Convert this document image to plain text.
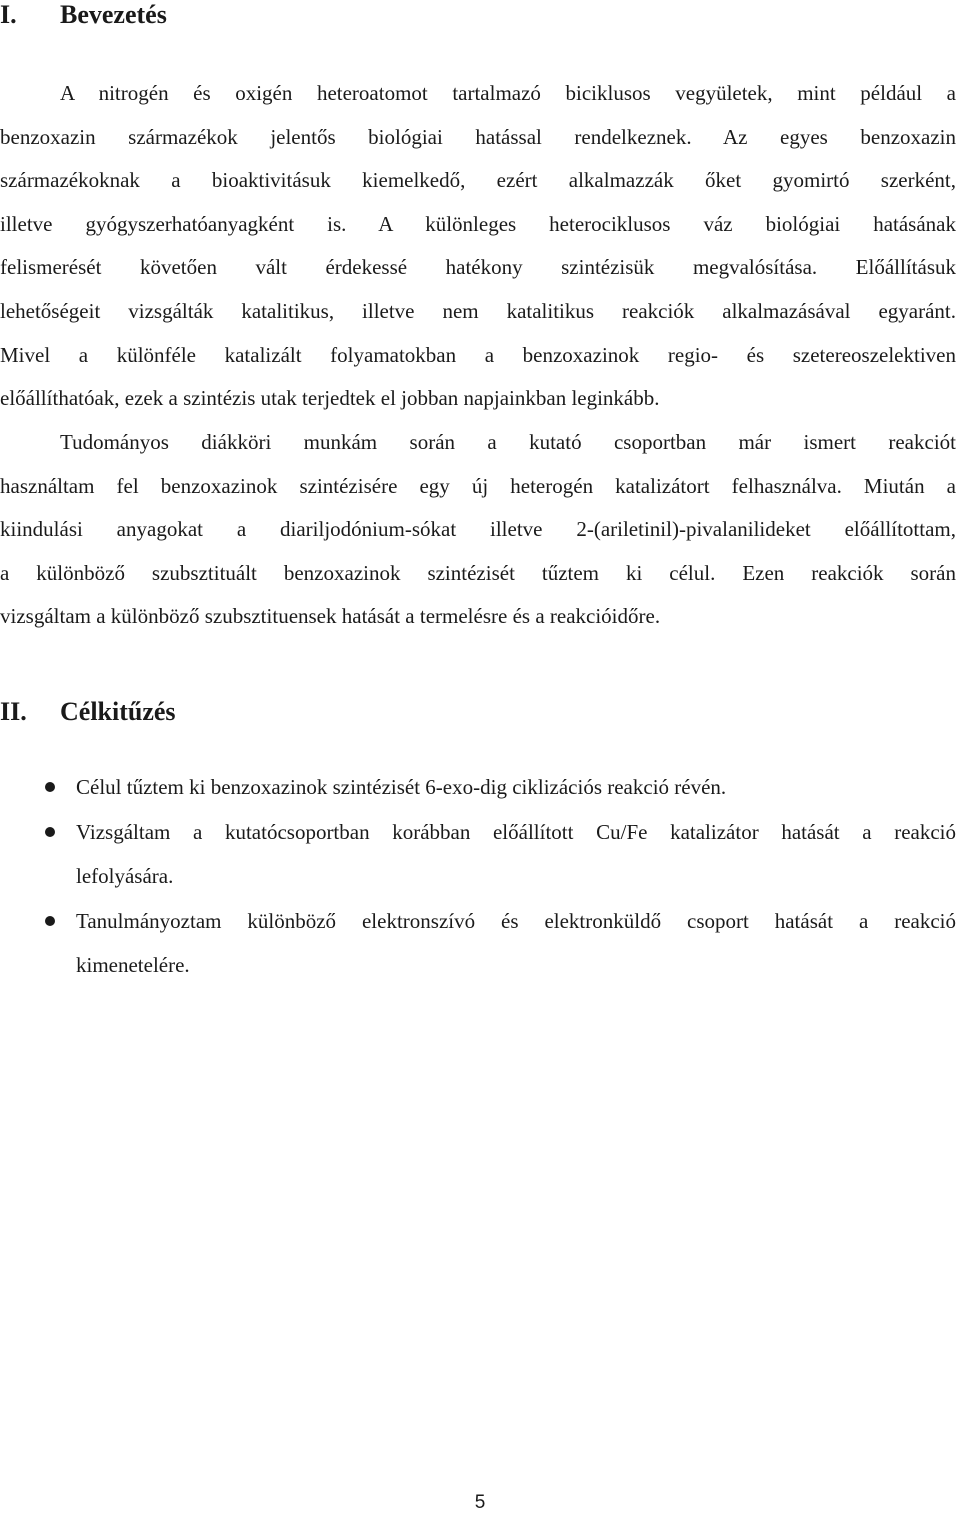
I. Bevezetés
A nitrogén és oxigén heteroatomot tartalmazó biciklusos vegyületek, mint például a
benzoxazin származékok jelentős biológiai hatással rendelkeznek. Az egyes benzoxazin
származékoknak a bioaktivitásuk kiemelkedő, ezért alkalmazzák őket gyomirtó szerként,
illetve gyógyszerhatóanyagként is. A különleges heterociklusos váz biológiai hatásának
felismerését követően vált érdekessé hatékony szintézisük megvalósítása. Előállításuk
lehetőségeit vizsgálták katalitikus, illetve nem katalitikus reakciók alkalmazásával egyaránt.
Mivel a különféle katalizált folyamatokban a benzoxazinok regio- és szetereoszelektiven
előállíthatóak, ezek a szintézis utak terjedtek el jobban napjainkban leginkább.
Tudományos diákköri munkám során a kutató csoportban már ismert reakciót
használtam fel benzoxazinok szintézisére egy új heterogén katalizátort felhasználva. Miután a
kiindulási anyagokat a diariljodónium-sókat illetve 2-(ariletinil)-pivalanilideket előállítottam,
a különböző szubsztituált benzoxazinok szintézisét tűztem ki célul. Ezen reakciók során
vizsgáltam a különböző szubsztituensek hatását a termelésre és a reakcióidőre.
II. Célkitűzés
Célul tűztem ki benzoxazinok szintézisét 6-exo-dig ciklizációs reakció révén.
Vizsgáltam a kutatócsoportban korábban előállított Cu/Fe katalizátor hatását a reakció
lefolyására.
Tanulmányoztam különböző elektronszívó és elektronküldő csoport hatását a reakció
kimenetelére.
5
